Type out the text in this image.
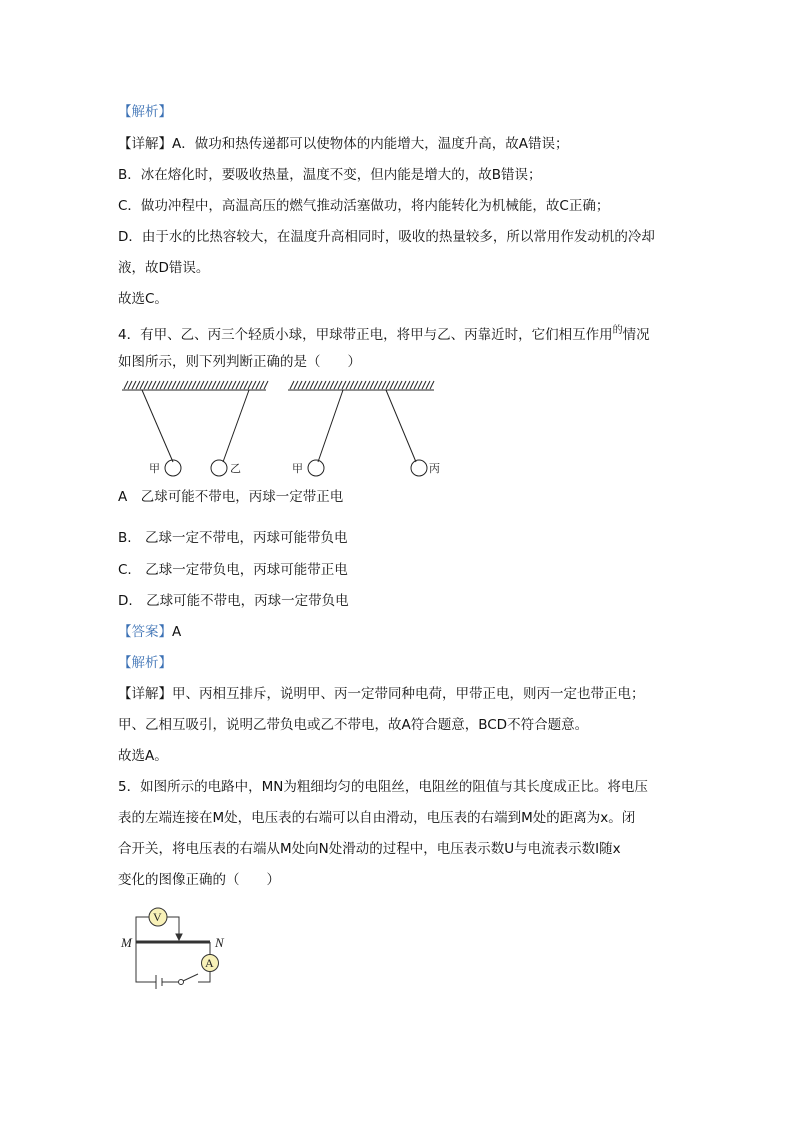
【解析】
【详解】A．做功和热传递都可以使物体的内能增大，温度升高，故A错误；
B．冰在熔化时，要吸收热量，温度不变，但内能是增大的，故B错误；
C．做功冲程中，高温高压的燃气推动活塞做功，将内能转化为机械能，故C正确；
D．由于水的比热容较大，在温度升高相同时，吸收的热量较多，所以常用作发动机的冷却
液，故D错误。
故选C。
4．有甲、乙、丙三个轻质小球，甲球带正电，将甲与乙、丙靠近时，它们相互作用$^的$情况
如图所示，则下列判断正确的是（　　）
甲	乙	甲	丙
A　乙球可能不带电，丙球一定带正电
B.　乙球一定不带电，丙球可能带负电
C.　乙球一定带负电，丙球可能带正电
D.　乙球可能不带电，丙球一定带负电
【答案】A
【解析】
【详解】甲、丙相互排斥，说明甲、丙一定带同种电荷，甲带正电，则丙一定也带正电；
甲、乙相互吸引，说明乙带负电或乙不带电，故A符合题意，BCD不符合题意。
故选A。
5．如图所示的电路中，MN为粗细均匀的电阻丝，电阻丝的阻值与其长度成正比。将电压
表的左端连接在M处，电压表的右端可以自由滑动，电压表的右端到M处的距离为x。闭
合开关，将电压表的右端从M处向N处滑动的过程中，电压表示数U与电流表示数I随x
变化的图像正确的（　　）
V
A
M	N
